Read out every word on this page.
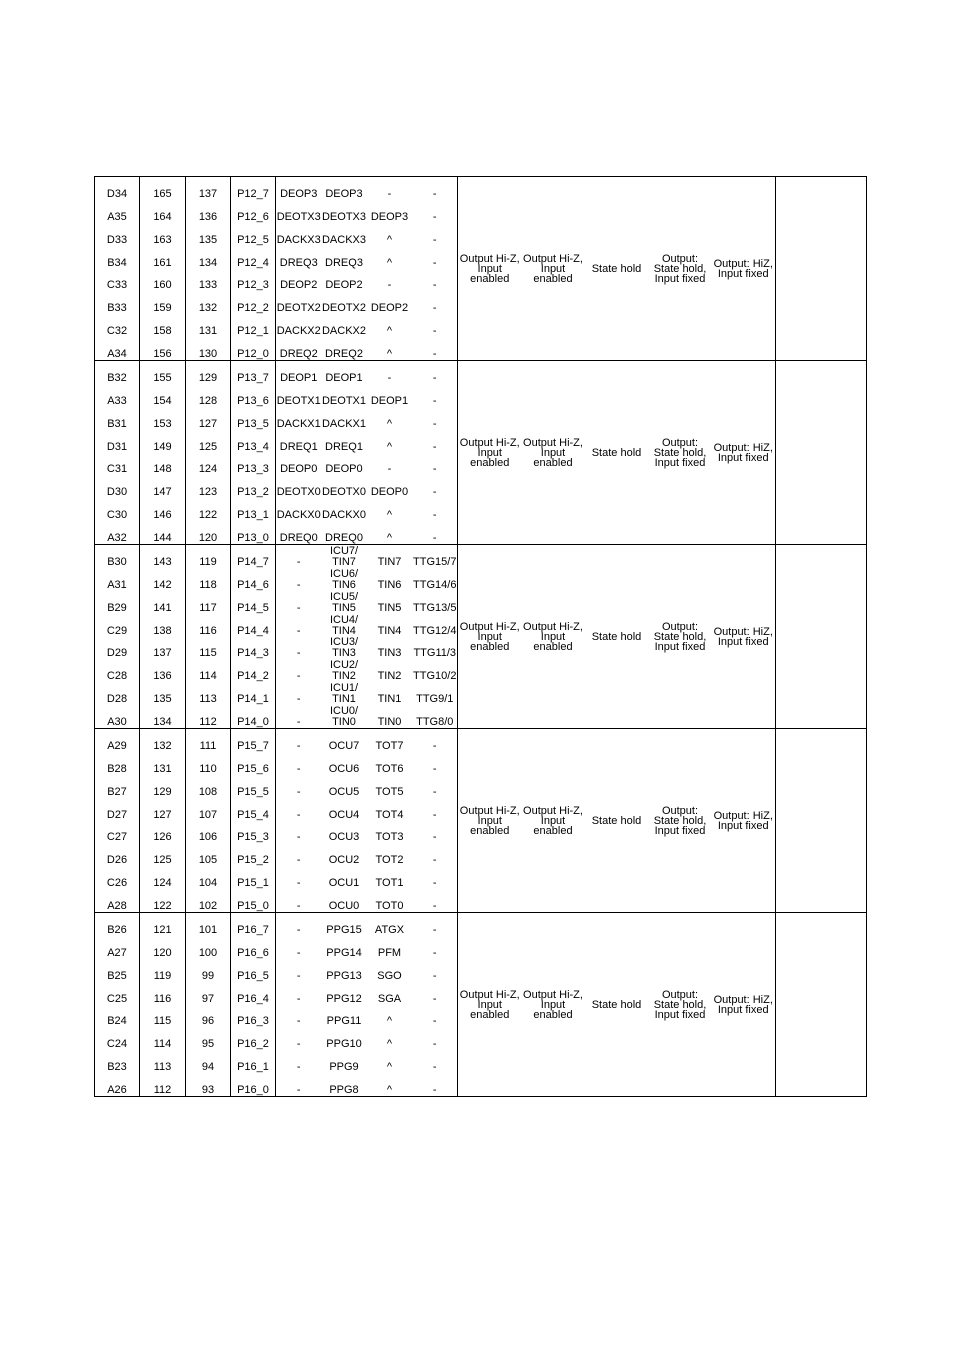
D34	165	137	P12_7	DEOP3	DEOP3	-	-	Output Hi-Z,
Input
enabled	Output Hi-Z,
Input
enabled	State hold	Output:
State hold,
Input fixed	Output: HiZ,
Input fixed	

A35	164	136	P12_6	DEOTX3	DEOTX3	DEOP3	-						
D33	163	135	P12_5	DACKX3	DACKX3	^	-						
B34	161	134	P12_4	DREQ3	DREQ3	^	-						
C33	160	133	P12_3	DEOP2	DEOP2	-	-						
B33	159	132	P12_2	DEOTX2	DEOTX2	DEOP2	-						
C32	158	131	P12_1	DACKX2	DACKX2	^	-						
A34	156	130	P12_0	DREQ2	DREQ2	^	-						
B32	155	129	P13_7	DEOP1	DEOP1	-	-	Output Hi-Z,
Input
enabled	Output Hi-Z,
Input
enabled	State hold	Output:
State hold,
Input fixed	Output: HiZ,
Input fixed	

A33	154	128	P13_6	DEOTX1	DEOTX1	DEOP1	-						
B31	153	127	P13_5	DACKX1	DACKX1	^	-						
D31	149	125	P13_4	DREQ1	DREQ1	^	-						
C31	148	124	P13_3	DEOP0	DEOP0	-	-						
D30	147	123	P13_2	DEOTX0	DEOTX0	DEOP0	-						
C30	146	122	P13_1	DACKX0	DACKX0	^	-						
A32	144	120	P13_0	DREQ0	DREQ0	^	-						
B30	143	119	P14_7	-	ICU7/
TIN7	TIN7	TTG15/7	Output Hi-Z,
Input
enabled	Output Hi-Z,
Input
enabled	State hold	Output:
State hold,
Input fixed	Output: HiZ,
Input fixed	

A31	142	118	P14_6	-	ICU6/
TIN6	TIN6	TTG14/6						
B29	141	117	P14_5	-	ICU5/
TIN5	TIN5	TTG13/5						
C29	138	116	P14_4	-	ICU4/
TIN4	TIN4	TTG12/4						
D29	137	115	P14_3	-	ICU3/
TIN3	TIN3	TTG11/3						
C28	136	114	P14_2	-	ICU2/
TIN2	TIN2	TTG10/2						
D28	135	113	P14_1	-	ICU1/
TIN1	TIN1	TTG9/1						
A30	134	112	P14_0	-	ICU0/
TIN0	TIN0	TTG8/0						
A29	132	111	P15_7	-	OCU7	TOT7	-	Output Hi-Z,
Input
enabled	Output Hi-Z,
Input
enabled	State hold	Output:
State hold,
Input fixed	Output: HiZ,
Input fixed	

B28	131	110	P15_6	-	OCU6	TOT6	-						
B27	129	108	P15_5	-	OCU5	TOT5	-						
D27	127	107	P15_4	-	OCU4	TOT4	-						
C27	126	106	P15_3	-	OCU3	TOT3	-						
D26	125	105	P15_2	-	OCU2	TOT2	-						
C26	124	104	P15_1	-	OCU1	TOT1	-						
A28	122	102	P15_0	-	OCU0	TOT0	-						
B26	121	101	P16_7	-	PPG15	ATGX	-	Output Hi-Z,
Input
enabled	Output Hi-Z,
Input
enabled	State hold	Output:
State hold,
Input fixed	Output: HiZ,
Input fixed	

A27	120	100	P16_6	-	PPG14	PFM	-						
B25	119	99	P16_5	-	PPG13	SGO	-						
C25	116	97	P16_4	-	PPG12	SGA	-						
B24	115	96	P16_3	-	PPG11	^	-						
C24	114	95	P16_2	-	PPG10	^	-						
B23	113	94	P16_1	-	PPG9	^	-						
A26	112	93	P16_0	-	PPG8	^	-						
